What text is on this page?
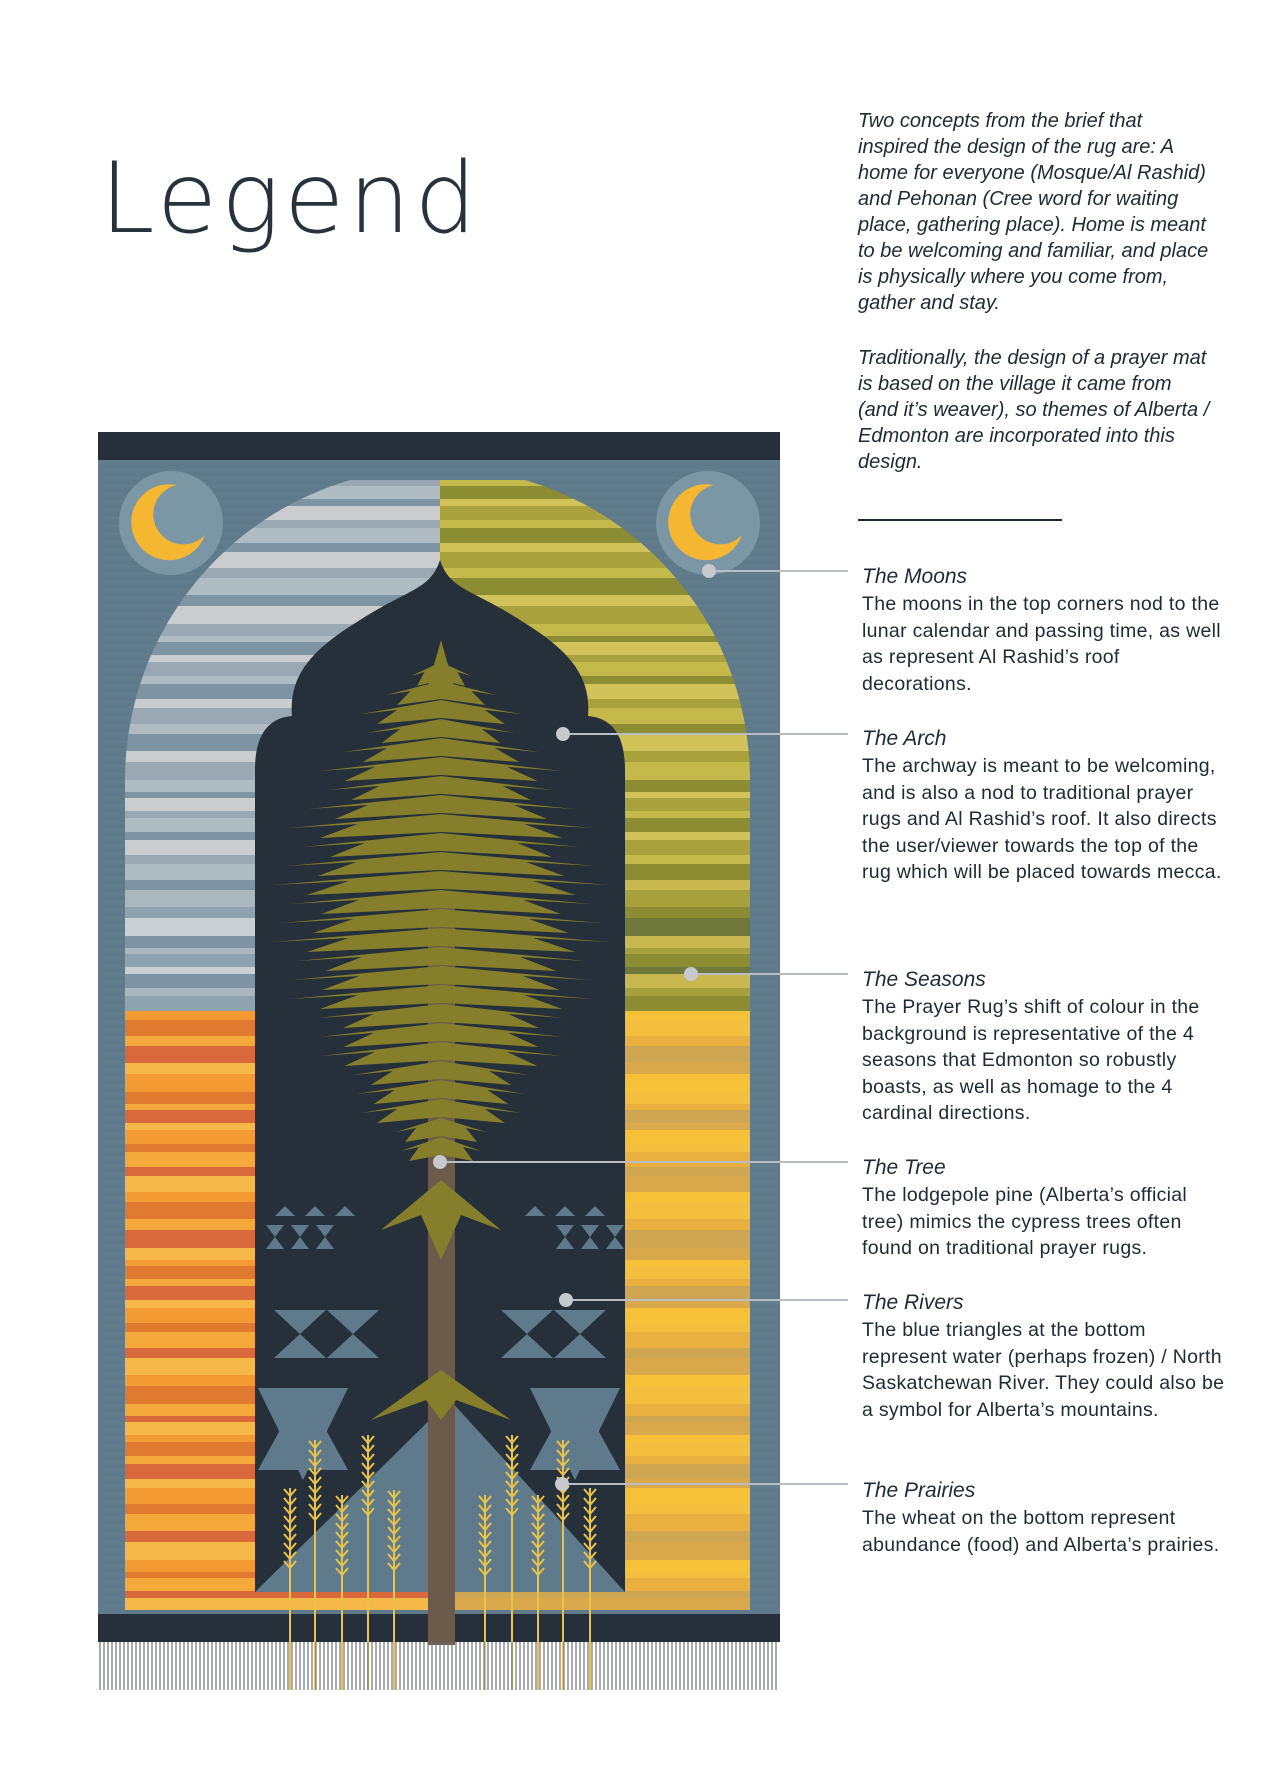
Legend

Two concepts from the brief that inspired the design of the rug are: A home for everyone (Mosque/Al Rashid) and Pehonan (Cree word for waiting place, gathering place). Home is meant to be welcoming and familiar, and place is physically where you come from, gather and stay.

Traditionally, the design of a prayer mat is based on the village it came from (and it’s weaver), so themes of Alberta / Edmonton are incorporated into this design.

The Moons

The moons in the top corners nod to the lunar calendar and passing time, as well as represent Al Rashid’s roof decorations.

The Arch

The archway is meant to be welcoming, and is also a nod to traditional prayer rugs and Al Rashid’s roof. It also directs the user/viewer towards the top of the rug which will be placed towards mecca.

The Seasons

The Prayer Rug’s shift of colour in the background is representative of the 4 seasons that Edmonton so robustly boasts, as well as homage to the 4 cardinal directions.

The Tree

The lodgepole pine (Alberta’s official tree) mimics the cypress trees often found on traditional prayer rugs.

The Rivers

The blue triangles at the bottom represent water (perhaps frozen) / North Saskatchewan River. They could also be a symbol for Alberta’s mountains.

The Prairies

The wheat on the bottom represent abundance (food) and Alberta’s prairies.
